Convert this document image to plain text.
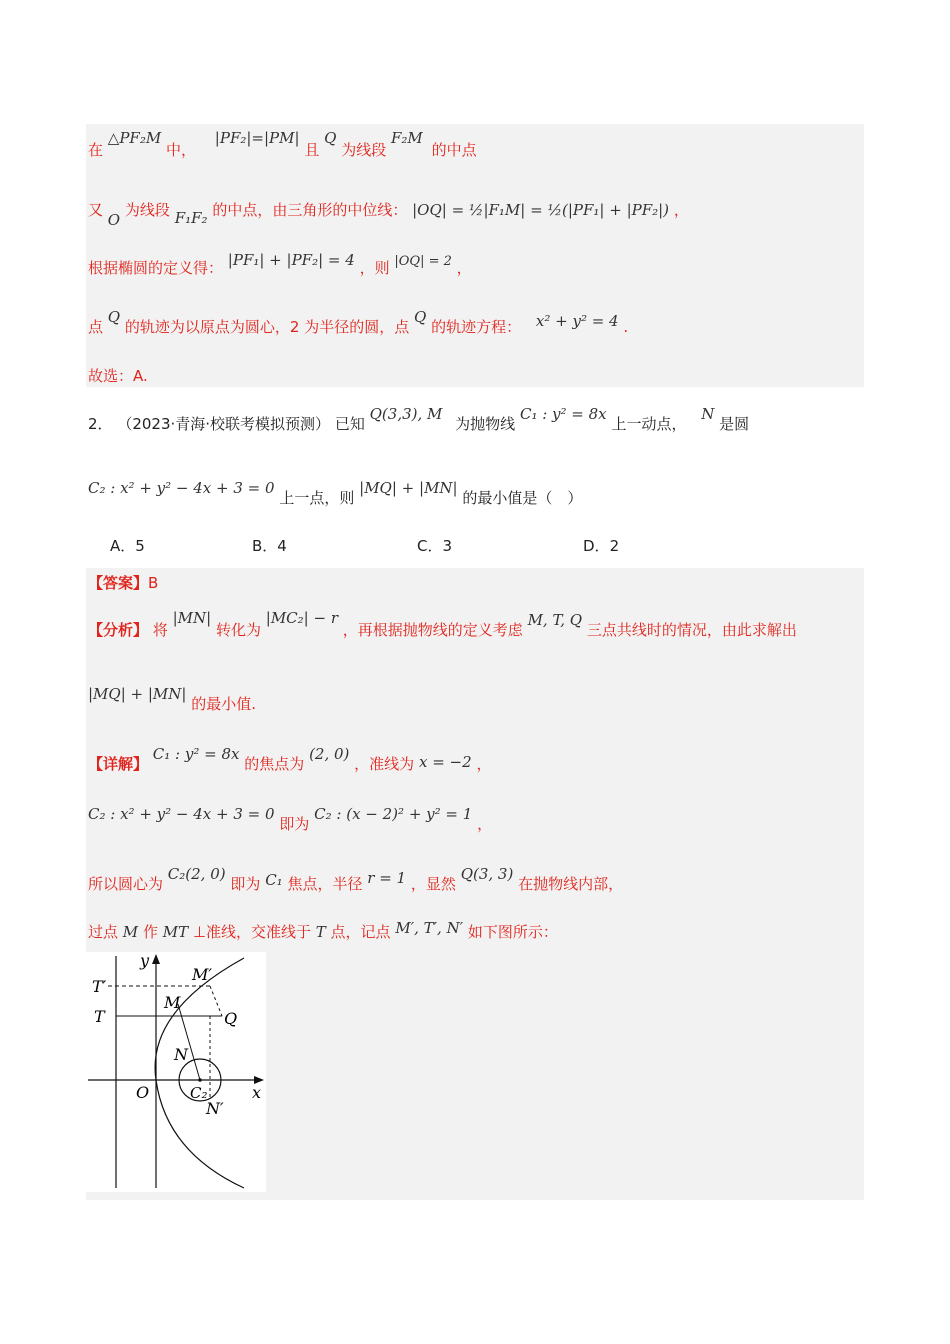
在 △PF₂M 中， |PF₂|=|PM| 且 Q 为线段 F₂M 的中点
又 O 为线段 F₁F₂ 的中点，由三角形的中位线： |OQ| = ½|F₁M| = ½(|PF₁| + |PF₂|) ，
根据椭圆的定义得： |PF₁| + |PF₂| = 4 ，则 |OQ| = 2 ，
点 Q 的轨迹为以原点为圆心，2 为半径的圆，点 Q 的轨迹方程： x² + y² = 4 .
故选：A.
2． （2023·青海·校联考模拟预测） 已知 Q(3,3), M 为抛物线 C₁ : y² = 8x 上一动点， N 是圆
C₂ : x² + y² − 4x + 3 = 0 上一点，则 |MQ| + |MN| 的最小值是（　）
A．5	B．4	C．3	D．2
【答案】B
【分析】 将 |MN| 转化为 |MC₂| − r ，再根据抛物线的定义考虑 M, T, Q 三点共线时的情况，由此求解出
|MQ| + |MN| 的最小值.
【详解】 C₁ : y² = 8x 的焦点为 (2, 0) ，准线为 x = −2 ，
C₂ : x² + y² − 4x + 3 = 0 即为 C₂ : (x − 2)² + y² = 1 ，
所以圆心为 C₂(2, 0) 即为 C₁ 焦点，半径 r = 1 ，显然 Q(3, 3) 在抛物线内部，
过点 M 作 MT ⊥准线，交准线于 T 点，记点 M′, T′, N′ 如下图所示：
y
x
O
T′
T
M′
M
Q
N
C₂
N′
